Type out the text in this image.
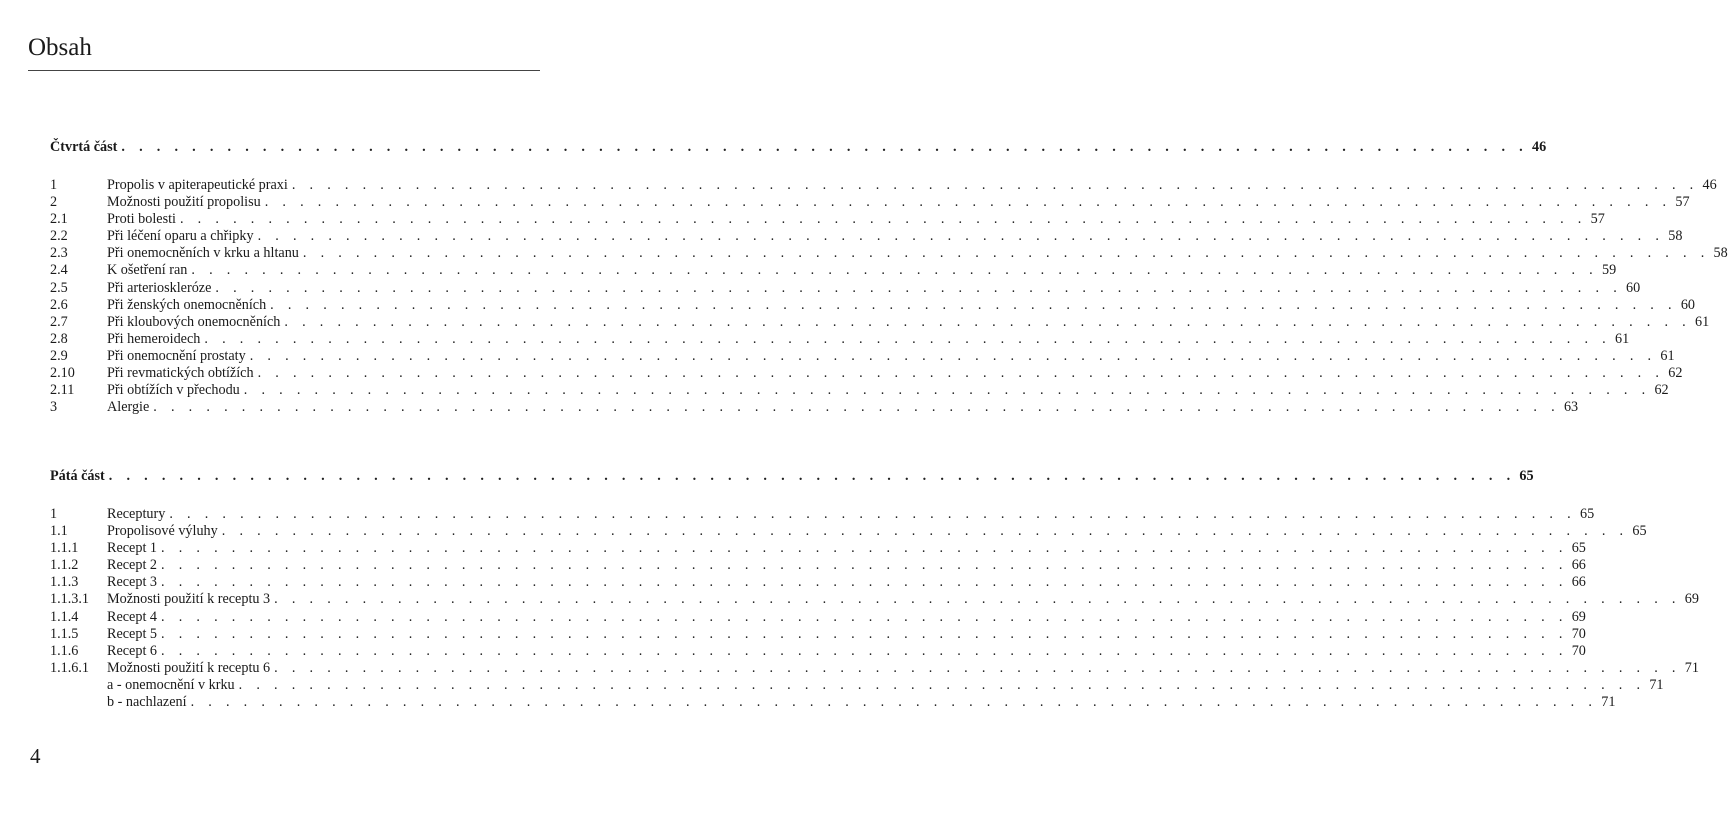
Obsah
Čtvrtá část . . . . . . . . . . . . . . . . . . . . . . . . . . . . . . . . . . . . . . . . . . . . . . . . . . . . . . . . . . . . . . . . . . . . . . . . . . . . . . . . 46
1	Propolis v apiterapeutické praxi . . . . . . . . . . . . . . . . . . . . . . . . . . . . . . . . . . . . . . . . . . . . . . . . . . . . . . . . . . . . . . . . . . . . . . . . . . . . . . . . 46
2	Možnosti použití propolisu . . . . . . . . . . . . . . . . . . . . . . . . . . . . . . . . . . . . . . . . . . . . . . . . . . . . . . . . . . . . . . . . . . . . . . . . . . . . . . . . 57
2.1	Proti bolesti . . . . . . . . . . . . . . . . . . . . . . . . . . . . . . . . . . . . . . . . . . . . . . . . . . . . . . . . . . . . . . . . . . . . . . . . . . . . . . . . 57
2.2	Při léčení oparu a chřipky . . . . . . . . . . . . . . . . . . . . . . . . . . . . . . . . . . . . . . . . . . . . . . . . . . . . . . . . . . . . . . . . . . . . . . . . . . . . . . . . 58
2.3	Při onemocněních v krku a hltanu . . . . . . . . . . . . . . . . . . . . . . . . . . . . . . . . . . . . . . . . . . . . . . . . . . . . . . . . . . . . . . . . . . . . . . . . . . . . . . . . 58
2.4	K ošetření ran . . . . . . . . . . . . . . . . . . . . . . . . . . . . . . . . . . . . . . . . . . . . . . . . . . . . . . . . . . . . . . . . . . . . . . . . . . . . . . . . 59
2.5	Při arterioskleróze . . . . . . . . . . . . . . . . . . . . . . . . . . . . . . . . . . . . . . . . . . . . . . . . . . . . . . . . . . . . . . . . . . . . . . . . . . . . . . . . 60
2.6	Při ženských onemocněních . . . . . . . . . . . . . . . . . . . . . . . . . . . . . . . . . . . . . . . . . . . . . . . . . . . . . . . . . . . . . . . . . . . . . . . . . . . . . . . . 60
2.7	Při kloubových onemocněních . . . . . . . . . . . . . . . . . . . . . . . . . . . . . . . . . . . . . . . . . . . . . . . . . . . . . . . . . . . . . . . . . . . . . . . . . . . . . . . . 61
2.8	Při hemeroidech . . . . . . . . . . . . . . . . . . . . . . . . . . . . . . . . . . . . . . . . . . . . . . . . . . . . . . . . . . . . . . . . . . . . . . . . . . . . . . . . 61
2.9	Při onemocnění prostaty . . . . . . . . . . . . . . . . . . . . . . . . . . . . . . . . . . . . . . . . . . . . . . . . . . . . . . . . . . . . . . . . . . . . . . . . . . . . . . . . 61
2.10	Při revmatických obtížích . . . . . . . . . . . . . . . . . . . . . . . . . . . . . . . . . . . . . . . . . . . . . . . . . . . . . . . . . . . . . . . . . . . . . . . . . . . . . . . . 62
2.11	Při obtížích v přechodu . . . . . . . . . . . . . . . . . . . . . . . . . . . . . . . . . . . . . . . . . . . . . . . . . . . . . . . . . . . . . . . . . . . . . . . . . . . . . . . . 62
3	Alergie . . . . . . . . . . . . . . . . . . . . . . . . . . . . . . . . . . . . . . . . . . . . . . . . . . . . . . . . . . . . . . . . . . . . . . . . . . . . . . . . 63
Pátá část . . . . . . . . . . . . . . . . . . . . . . . . . . . . . . . . . . . . . . . . . . . . . . . . . . . . . . . . . . . . . . . . . . . . . . . . . . . . . . . . 65
1	Receptury . . . . . . . . . . . . . . . . . . . . . . . . . . . . . . . . . . . . . . . . . . . . . . . . . . . . . . . . . . . . . . . . . . . . . . . . . . . . . . . . 65
1.1	Propolisové výluhy . . . . . . . . . . . . . . . . . . . . . . . . . . . . . . . . . . . . . . . . . . . . . . . . . . . . . . . . . . . . . . . . . . . . . . . . . . . . . . . . 65
1.1.1	Recept 1 . . . . . . . . . . . . . . . . . . . . . . . . . . . . . . . . . . . . . . . . . . . . . . . . . . . . . . . . . . . . . . . . . . . . . . . . . . . . . . . . 65
1.1.2	Recept 2 . . . . . . . . . . . . . . . . . . . . . . . . . . . . . . . . . . . . . . . . . . . . . . . . . . . . . . . . . . . . . . . . . . . . . . . . . . . . . . . . 66
1.1.3	Recept 3 . . . . . . . . . . . . . . . . . . . . . . . . . . . . . . . . . . . . . . . . . . . . . . . . . . . . . . . . . . . . . . . . . . . . . . . . . . . . . . . . 66
1.1.3.1	Možnosti použití k receptu 3 . . . . . . . . . . . . . . . . . . . . . . . . . . . . . . . . . . . . . . . . . . . . . . . . . . . . . . . . . . . . . . . . . . . . . . . . . . . . . . . . 69
1.1.4	Recept 4 . . . . . . . . . . . . . . . . . . . . . . . . . . . . . . . . . . . . . . . . . . . . . . . . . . . . . . . . . . . . . . . . . . . . . . . . . . . . . . . . 69
1.1.5	Recept 5 . . . . . . . . . . . . . . . . . . . . . . . . . . . . . . . . . . . . . . . . . . . . . . . . . . . . . . . . . . . . . . . . . . . . . . . . . . . . . . . . 70
1.1.6	Recept 6 . . . . . . . . . . . . . . . . . . . . . . . . . . . . . . . . . . . . . . . . . . . . . . . . . . . . . . . . . . . . . . . . . . . . . . . . . . . . . . . . 70
1.1.6.1	Možnosti použití k receptu 6 . . . . . . . . . . . . . . . . . . . . . . . . . . . . . . . . . . . . . . . . . . . . . . . . . . . . . . . . . . . . . . . . . . . . . . . . . . . . . . . . 71
a - onemocnění v krku . . . . . . . . . . . . . . . . . . . . . . . . . . . . . . . . . . . . . . . . . . . . . . . . . . . . . . . . . . . . . . . . . . . . . . . . . . . . . . . . 71
b - nachlazení . . . . . . . . . . . . . . . . . . . . . . . . . . . . . . . . . . . . . . . . . . . . . . . . . . . . . . . . . . . . . . . . . . . . . . . . . . . . . . . . 71
4
